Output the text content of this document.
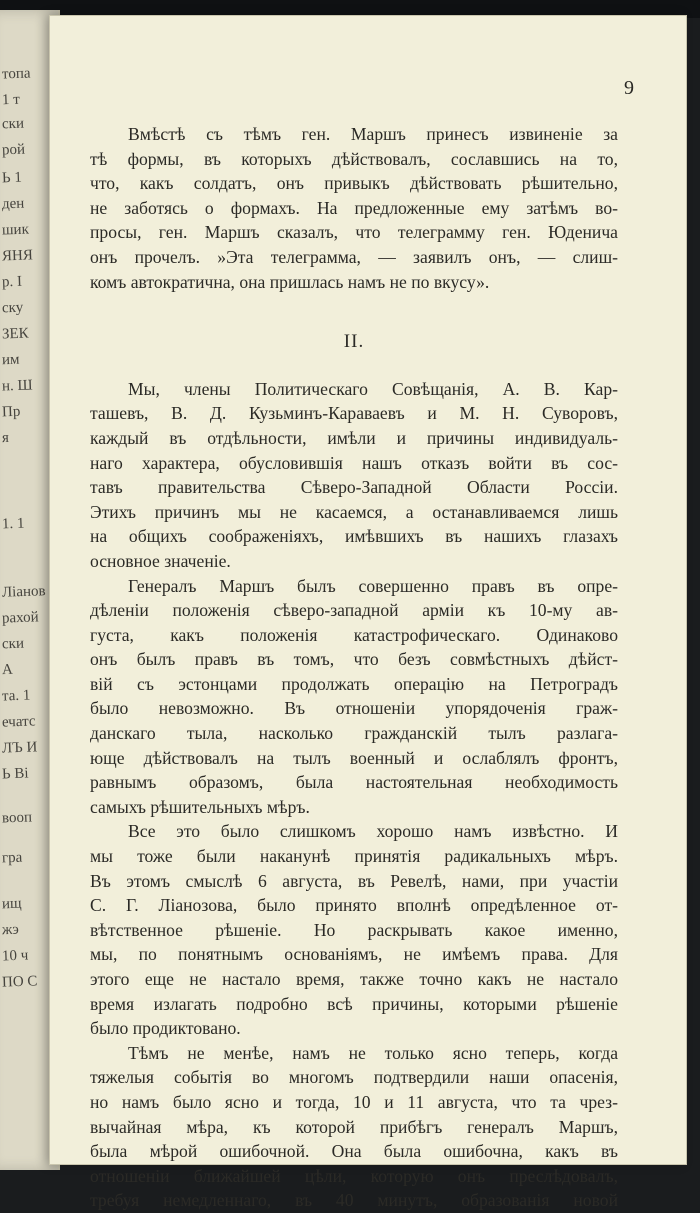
топа
1 т
ски
рой
Ь 1
ден
шик
ЯНЯ
р. I
ску
ЗЕК
им
н. Ш
Пр
я
1. 1
Ліанов
рахой
ски
А
та. 1
ечатс
ЛЪ И
Ь Ві
вооп
гра
ищ
жэ
10 ч
ПО С
9
Вмѣстѣ съ тѣмъ ген. Маршъ принесъ извиненіе за
тѣ формы, въ которыхъ дѣйствовалъ, сославшись на то,
что, какъ солдатъ, онъ привыкъ дѣйствовать рѣшительно,
не заботясь о формахъ. На предложенные ему затѣмъ во-
просы, ген. Маршъ сказалъ, что телеграмму ген. Юденича
онъ прочелъ. »Эта телеграмма, — заявилъ онъ, — слиш-
комъ автократична, она пришлась намъ не по вкусу».
II.
Мы, члены Политическаго Совѣщанія, А. В. Кар-
ташевъ, В. Д. Кузьминъ-Караваевъ и М. Н. Суворовъ,
каждый въ отдѣльности, имѣли и причины индивидуаль-
наго характера, обусловившія нашъ отказъ войти въ сос-
тавъ правительства Сѣверо-Западной Области Россіи.
Этихъ причинъ мы не касаемся, а останавливаемся лишь
на общихъ соображеніяхъ, имѣвшихъ въ нашихъ глазахъ
основное значеніе.
Генералъ Маршъ былъ совершенно правъ въ опре-
дѣленіи положенія сѣверо-западной арміи къ 10-му ав-
густа, какъ положенія катастрофическаго. Одинаково
онъ былъ правъ въ томъ, что безъ совмѣстныхъ дѣйст-
вій съ эстонцами продолжать операцію на Петроградъ
было невозможно. Въ отношеніи упорядоченія граж-
данскаго тыла, насколько гражданскій тылъ разлага-
юще дѣйствовалъ на тылъ военный и ослаблялъ фронтъ,
равнымъ образомъ, была настоятельная необходимость
самыхъ рѣшительныхъ мѣръ.
Все это было слишкомъ хорошо намъ извѣстно. И
мы тоже были наканунѣ принятія радикальныхъ мѣръ.
Въ этомъ смыслѣ 6 августа, въ Ревелѣ, нами, при участіи
С. Г. Ліанозова, было принято вполнѣ опредѣленное от-
вѣтственное рѣшеніе. Но раскрывать какое именно,
мы, по понятнымъ основаніямъ, не имѣемъ права. Для
этого еще не настало время, также точно какъ не настало
время излагать подробно всѣ причины, которыми рѣшеніе
было продиктовано.
Тѣмъ не менѣе, намъ не только ясно теперь, когда
тяжелыя событія во многомъ подтвердили наши опасенія,
но намъ было ясно и тогда, 10 и 11 августа, что та чрез-
вычайная мѣра, къ которой прибѣгъ генералъ Маршъ,
была мѣрой ошибочной. Она была ошибочна, какъ въ
отношеніи ближайшей цѣли, которую онъ преслѣдовалъ,
требуя немедленнаго, въ 40 минутъ, образованія новой
